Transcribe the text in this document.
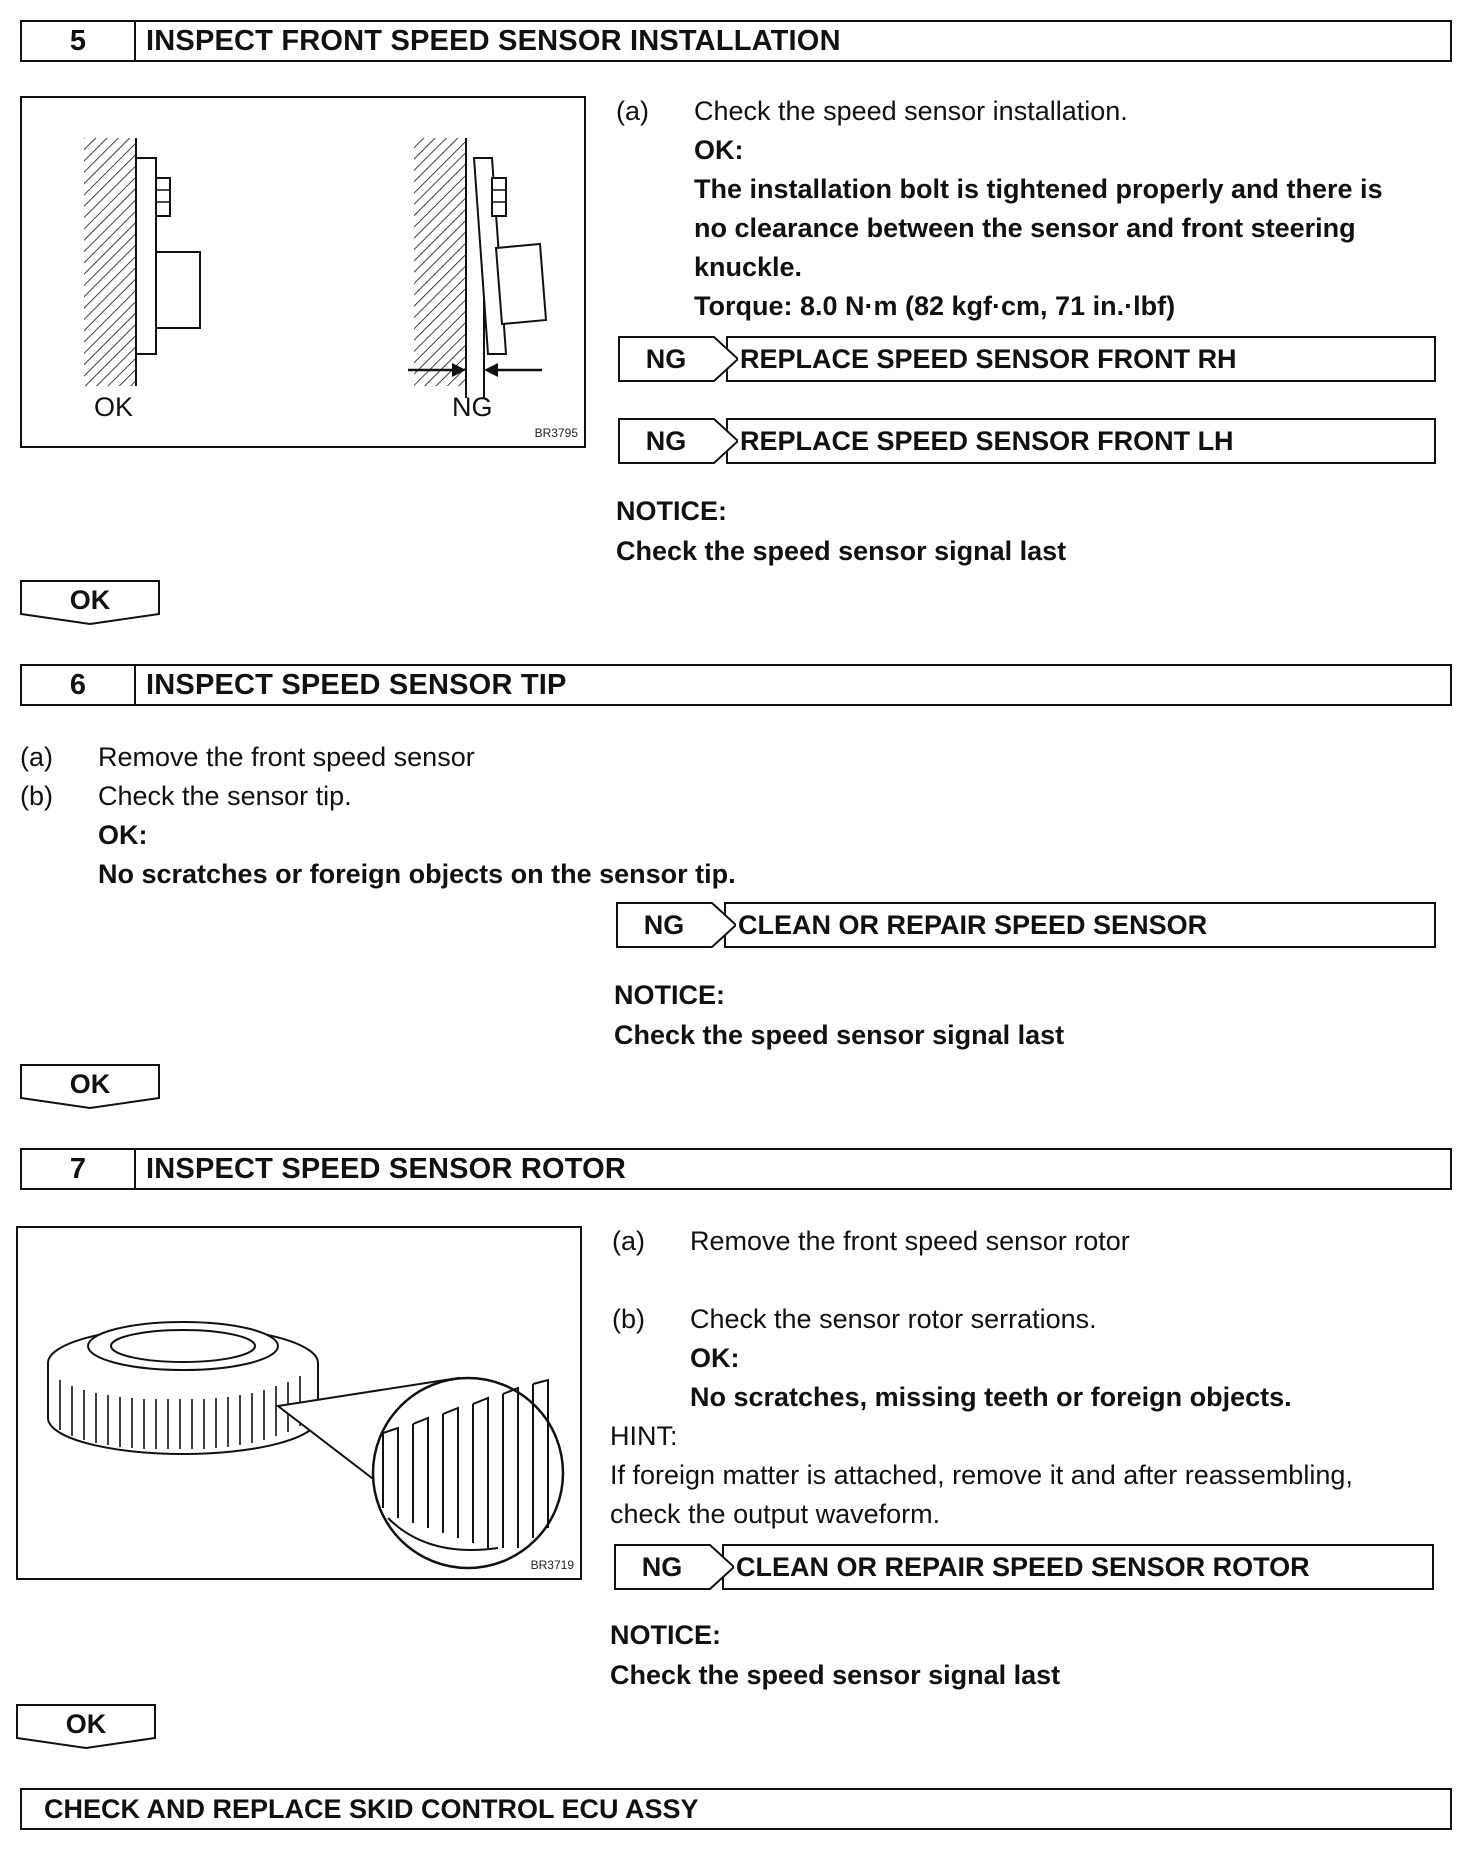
5	INSPECT FRONT SPEED SENSOR INSTALLATION
OK	NG
BR3795
(a) Check the speed sensor installation.
OK:
The installation bolt is tightened properly and there is
no clearance between the sensor and front steering
knuckle.
Torque: 8.0 N·m (82 kgf·cm, 71 in.·lbf)
NG	REPLACE SPEED SENSOR FRONT RH
NG	REPLACE SPEED SENSOR FRONT LH
NOTICE:
Check the speed sensor signal last
OK
6	INSPECT SPEED SENSOR TIP
(a) Remove the front speed sensor
(b) Check the sensor tip.
OK:
No scratches or foreign objects on the sensor tip.
NG	CLEAN OR REPAIR SPEED SENSOR
NOTICE:
Check the speed sensor signal last
OK
7	INSPECT SPEED SENSOR ROTOR
BR3719
(a) Remove the front speed sensor rotor
(b) Check the sensor rotor serrations.
OK:
No scratches, missing teeth or foreign objects.
HINT:
If foreign matter is attached, remove it and after reassembling,
check the output waveform.
NG	CLEAN OR REPAIR SPEED SENSOR ROTOR
NOTICE:
Check the speed sensor signal last
OK
CHECK AND REPLACE SKID CONTROL ECU ASSY
